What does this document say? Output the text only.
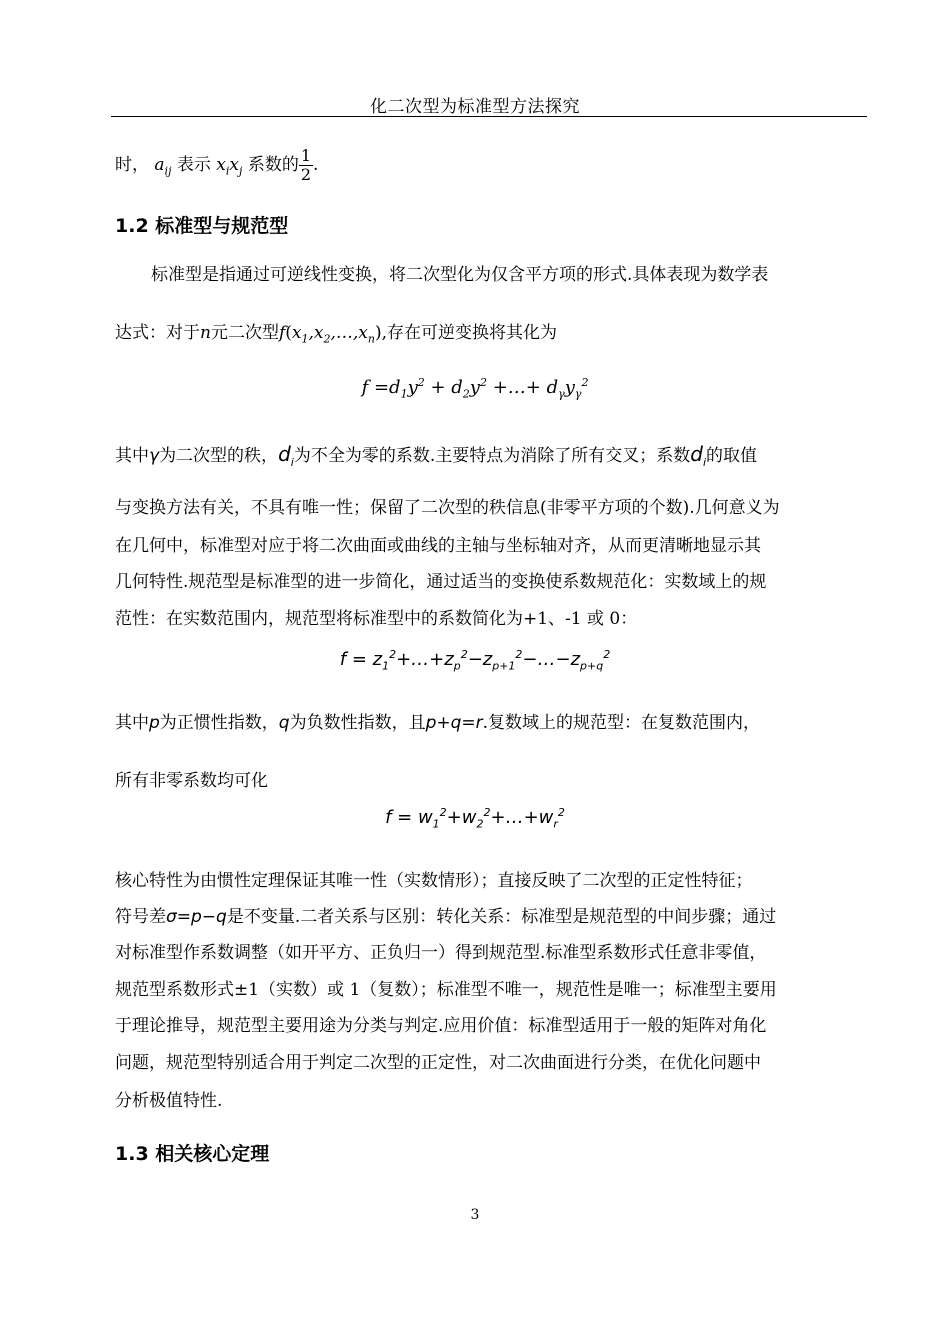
化二次型为标准型方法探究
时， $a_{ij}$ 表示 $x_ix_j$ 系数的 $\frac{1}{2}$ .
1.2 标准型与规范型
标准型是指通过可逆线性变换，将二次型化为仅含平方项的形式.具体表现为数学表
达式：对于n元二次型$f(x_1,x_2,\dots,x_n)$,存在可逆变换将其化为
$f =d_1y^2 + d_2y^2$ +…+ $d_\gamma y_\gamma^2$
其中γ为二次型的秩，$d_i$为不全为零的系数.主要特点为消除了所有交叉；系数$d_i$的取值
与变换方法有关，不具有唯一性；保留了二次型的秩信息(非零平方项的个数).几何意义为
在几何中，标准型对应于将二次曲面或曲线的主轴与坐标轴对齐，从而更清晰地显示其
几何特性.规范型是标准型的进一步简化，通过适当的变换使系数规范化：实数域上的规
范性：在实数范围内，规范型将标准型中的系数简化为+1、-1 或 0：
$f = z_1^2+\dots+z_p^2-z_{p+1}^2-\dots-z_{p+q}^2$
其中p为正惯性指数，q为负数性指数，且p+q=r.复数域上的规范型：在复数范围内，
所有非零系数均可化
$f = w_1^2+w_2^2+\dots+w_r^2$
核心特性为由惯性定理保证其唯一性（实数情形）；直接反映了二次型的正定性特征；
符号差σ=p−q是不变量.二者关系与区别：转化关系：标准型是规范型的中间步骤；通过
对标准型作系数调整（如开平方、正负归一）得到规范型.标准型系数形式任意非零值，
规范型系数形式±1（实数）或 1（复数）；标准型不唯一，规范性是唯一；标准型主要用
于理论推导，规范型主要用途为分类与判定.应用价值：标准型适用于一般的矩阵对角化
问题，规范型特别适合用于判定二次型的正定性，对二次曲面进行分类，在优化问题中
分析极值特性.
1.3 相关核心定理
3
